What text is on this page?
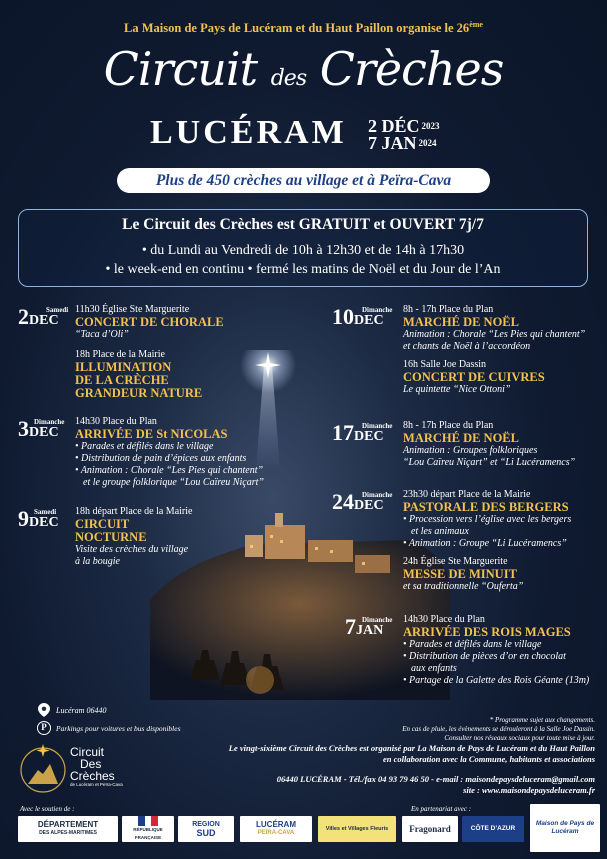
La Maison de Pays de Lucéram et du Haut Paillon organise le 26ème
Circuit des Crèches
LUCÉRAM 2 DÉC $^{2023}$
7 JAN $^{2024}$
Plus de 450 crèches au village et à Peïra-Cava
Le Circuit des Crèches est GRATUIT et OUVERT 7j/7
• du Lundi au Vendredi de 10h à 12h30 et de 14h à 17h30
• le week-end en continu • fermé les matins de Noël et du Jour de l’An
2 Samedi
DEC
11h30 Église Ste Marguerite
CONCERT DE CHORALE
“Taca d’Oli”
18h Place de la Mairie
ILLUMINATION
DE LA CRÈCHE
GRANDEUR NATURE
3 Dimanche
DEC
14h30 Place du Plan
ARRIVÉE DE St NICOLAS
• Parades et défilés dans le village
• Distribution de pain d’épices aux enfants
• Animation : Chorale “Les Pies qui chantent”
et le groupe folklorique “Lou Caïreu Niçart”
9 Samedi
DEC
18h départ Place de la Mairie
CIRCUIT
NOCTURNE
Visite des crèches du village
à la bougie
10 Dimanche
DEC
8h - 17h Place du Plan
MARCHÉ DE NOËL
Animation : Chorale “Les Pies qui chantent”
et chants de Noël à l’accordéon
16h Salle Joe Dassin
CONCERT DE CUIVRES
Le quintette “Nice Ottoni”
17 Dimanche
DEC
8h - 17h Place du Plan
MARCHÉ DE NOËL
Animation : Groupes folkloriques
“Lou Caïreu Niçart” et “Li Lucéramencs”
24 Dimanche
DEC
23h30 départ Place de la Mairie
PASTORALE DES BERGERS
• Procession vers l’église avec les bergers
et les animaux
• Animation : Groupe “Li Lucéramencs”
24h Église Ste Marguerite
MESSE DE MINUIT
et sa traditionnelle “Ouferta”
7 Dimanche
JAN
14h30 Place du Plan
ARRIVÉE DES ROIS MAGES
• Parades et défilés dans le village
• Distribution de pièces d’or en chocolat
aux enfants
• Partage de la Galette des Rois Géante (13m)
Lucéram 06440
P	Parkings pour voitures et bus disponibles
Circuit
Des
Crèches
de Lucéram et Peïra-Cava
* Programme sujet aux changements.
En cas de pluie, les évènements se dérouleront à la Salle Joe Dassin.
Consulter nos réseaux sociaux pour toute mise à jour.
Le vingt-sixième Circuit des Crèches est organisé par La Maison de Pays de Lucéram et du Haut Paillon
en collaboration avec la Commune, habitants et associations
06440 LUCÉRAM - Tél./fax 04 93 79 46 50 - e-mail : maisondepaysdeluceram@gmail.com
site : www.maisondepaysdeluceram.fr
Avec le soutien de :	En partenariat avec :
DÉPARTEMENT
DES ALPES-MARITIMES
RÉPUBLIQUE FRANÇAISE
REGION
SUD
LUCÉRAM
PEÏRA-CAVA
Villes et Villages Fleuris	Fragonard	CÔTE D’AZUR
Maison de Pays de Lucéram
